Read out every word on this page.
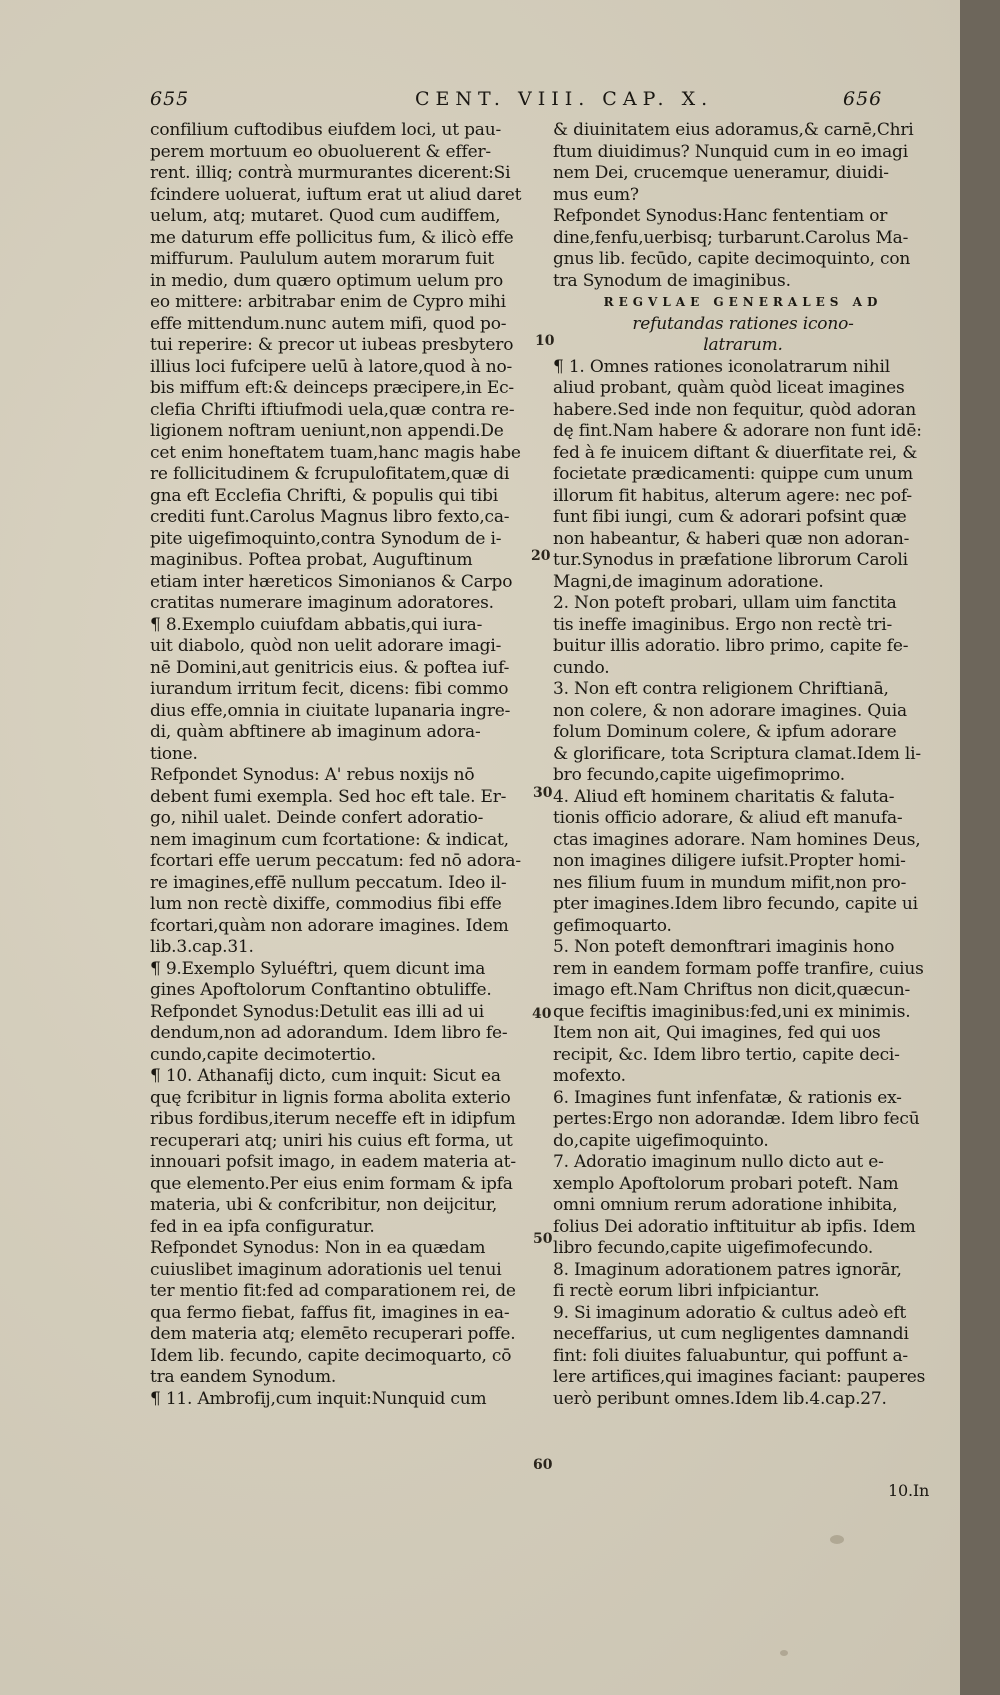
655	CENT. VIII. CAP. X.	656
confilium cuftodibus eiufdem loci, ut pau-
perem mortuum eo obuoluerent & effer-
rent. illiq; contrà murmurantes dicerent:Si
fcindere uoluerat, iuftum erat ut aliud daret
uelum, atq; mutaret. Quod cum audiffem,
me daturum effe pollicitus fum, & ilicò effe
miffurum. Paululum autem morarum fuit
in medio, dum quæro optimum uelum pro
eo mittere: arbitrabar enim de Cypro mihi
effe mittendum.nunc autem mifi, quod po-
tui reperire: & precor ut iubeas presbytero
illius loci fufcipere uelū à latore,quod à no-
bis miffum eft:& deinceps præcipere,in Ec-
clefia Chrifti iftiufmodi uela,quæ contra re-
ligionem noftram ueniunt,non appendi.De
cet enim honeftatem tuam,hanc magis habe
re follicitudinem & fcrupulofitatem,quæ di
gna eft Ecclefia Chrifti, & populis qui tibi
crediti funt.Carolus Magnus libro fexto,ca-
pite uigefimoquinto,contra Synodum de i-
maginibus. Poftea probat, Auguftinum
etiam inter hæreticos Simonianos & Carpo
cratitas numerare imaginum adoratores.
¶ 8.Exemplo cuiufdam abbatis,qui iura-
uit diabolo, quòd non uelit adorare imagi-
nē Domini,aut genitricis eius. & poftea iuf-
iurandum irritum fecit, dicens: fibi commo
dius effe,omnia in ciuitate lupanaria ingre-
di, quàm abftinere ab imaginum adora-
tione.
Refpondet Synodus: A' rebus noxijs nō
debent fumi exempla. Sed hoc eft tale. Er-
go, nihil ualet. Deinde confert adoratio-
nem imaginum cum fcortatione: & indicat,
fcortari effe uerum peccatum: fed nō adora-
re imagines,effē nullum peccatum. Ideo il-
lum non rectè dixiffe, commodius fibi effe
fcortari,quàm non adorare imagines. Idem
lib.3.cap.31.
¶ 9.Exemplo Syluéftri, quem dicunt ima
gines Apoftolorum Conftantino obtuliffe.
Refpondet Synodus:Detulit eas illi ad ui
dendum,non ad adorandum. Idem libro fe-
cundo,capite decimotertio.
¶ 10. Athanafij dicto, cum inquit: Sicut ea
quę fcribitur in lignis forma abolita exterio
ribus fordibus,iterum neceffe eft in idipfum
recuperari atq; uniri his cuius eft forma, ut
innouari pofsit imago, in eadem materia at-
que elemento.Per eius enim formam & ipfa
materia, ubi & confcribitur, non deijcitur,
fed in ea ipfa configuratur.
Refpondet Synodus: Non in ea quædam
cuiuslibet imaginum adorationis uel tenui
ter mentio fit:fed ad comparationem rei, de
qua fermo fiebat, faffus fit, imagines in ea-
dem materia atq; elemēto recuperari poffe.
Idem lib. fecundo, capite decimoquarto, cō
tra eandem Synodum.
¶ 11. Ambrofij,cum inquit:Nunquid cum
& diuinitatem eius adoramus,& carnē,Chri
ftum diuidimus? Nunquid cum in eo imagi
nem Dei, crucemque ueneramur, diuidi-
mus eum?
Refpondet Synodus:Hanc fententiam or
dine,fenfu,uerbisq; turbarunt.Carolus Ma-
gnus lib. fecūdo, capite decimoquinto, con
tra Synodum de imaginibus.
REGVLAE GENERALES AD
refutandas rationes icono-
latrarum.
¶ 1. Omnes rationes iconolatrarum nihil
aliud probant, quàm quòd liceat imagines
habere.Sed inde non fequitur, quòd adoran
dę fint.Nam habere & adorare non funt idē:
fed à fe inuicem diftant & diuerfitate rei, &
focietate prædicamenti: quippe cum unum
illorum fit habitus, alterum agere: nec pof-
funt fibi iungi, cum & adorari pofsint quæ
non habeantur, & haberi quæ non adoran-
tur.Synodus in præfatione librorum Caroli
Magni,de imaginum adoratione.
2. Non poteft probari, ullam uim fanctita
tis ineffe imaginibus. Ergo non rectè tri-
buitur illis adoratio. libro primo, capite fe-
cundo.
3. Non eft contra religionem Chriftianā,
non colere, & non adorare imagines. Quia
folum Dominum colere, & ipfum adorare
& glorificare, tota Scriptura clamat.Idem li-
bro fecundo,capite uigefimoprimo.
4. Aliud eft hominem charitatis & faluta-
tionis officio adorare, & aliud eft manufa-
ctas imagines adorare. Nam homines Deus,
non imagines diligere iufsit.Propter homi-
nes filium fuum in mundum mifit,non pro-
pter imagines.Idem libro fecundo, capite ui
gefimoquarto.
5. Non poteft demonftrari imaginis hono
rem in eandem formam poffe tranfire, cuius
imago eft.Nam Chriftus non dicit,quæcun-
que feciftis imaginibus:fed,uni ex minimis.
Item non ait, Qui imagines, fed qui uos
recipit, &c. Idem libro tertio, capite deci-
mofexto.
6. Imagines funt infenfatæ, & rationis ex-
pertes:Ergo non adorandæ. Idem libro fecū
do,capite uigefimoquinto.
7. Adoratio imaginum nullo dicto aut e-
xemplo Apoftolorum probari poteft. Nam
omni omnium rerum adoratione inhibita,
folius Dei adoratio inftituitur ab ipfis. Idem
libro fecundo,capite uigefimofecundo.
8. Imaginum adorationem patres ignorār,
fi rectè eorum libri infpiciantur.
9. Si imaginum adoratio & cultus adeò eft
neceffarius, ut cum negligentes damnandi
fint: foli diuites faluabuntur, qui poffunt a-
lere artifices,qui imagines faciant: pauperes
uerò peribunt omnes.Idem lib.4.cap.27.
10
20
30
40
50
60
10.In
